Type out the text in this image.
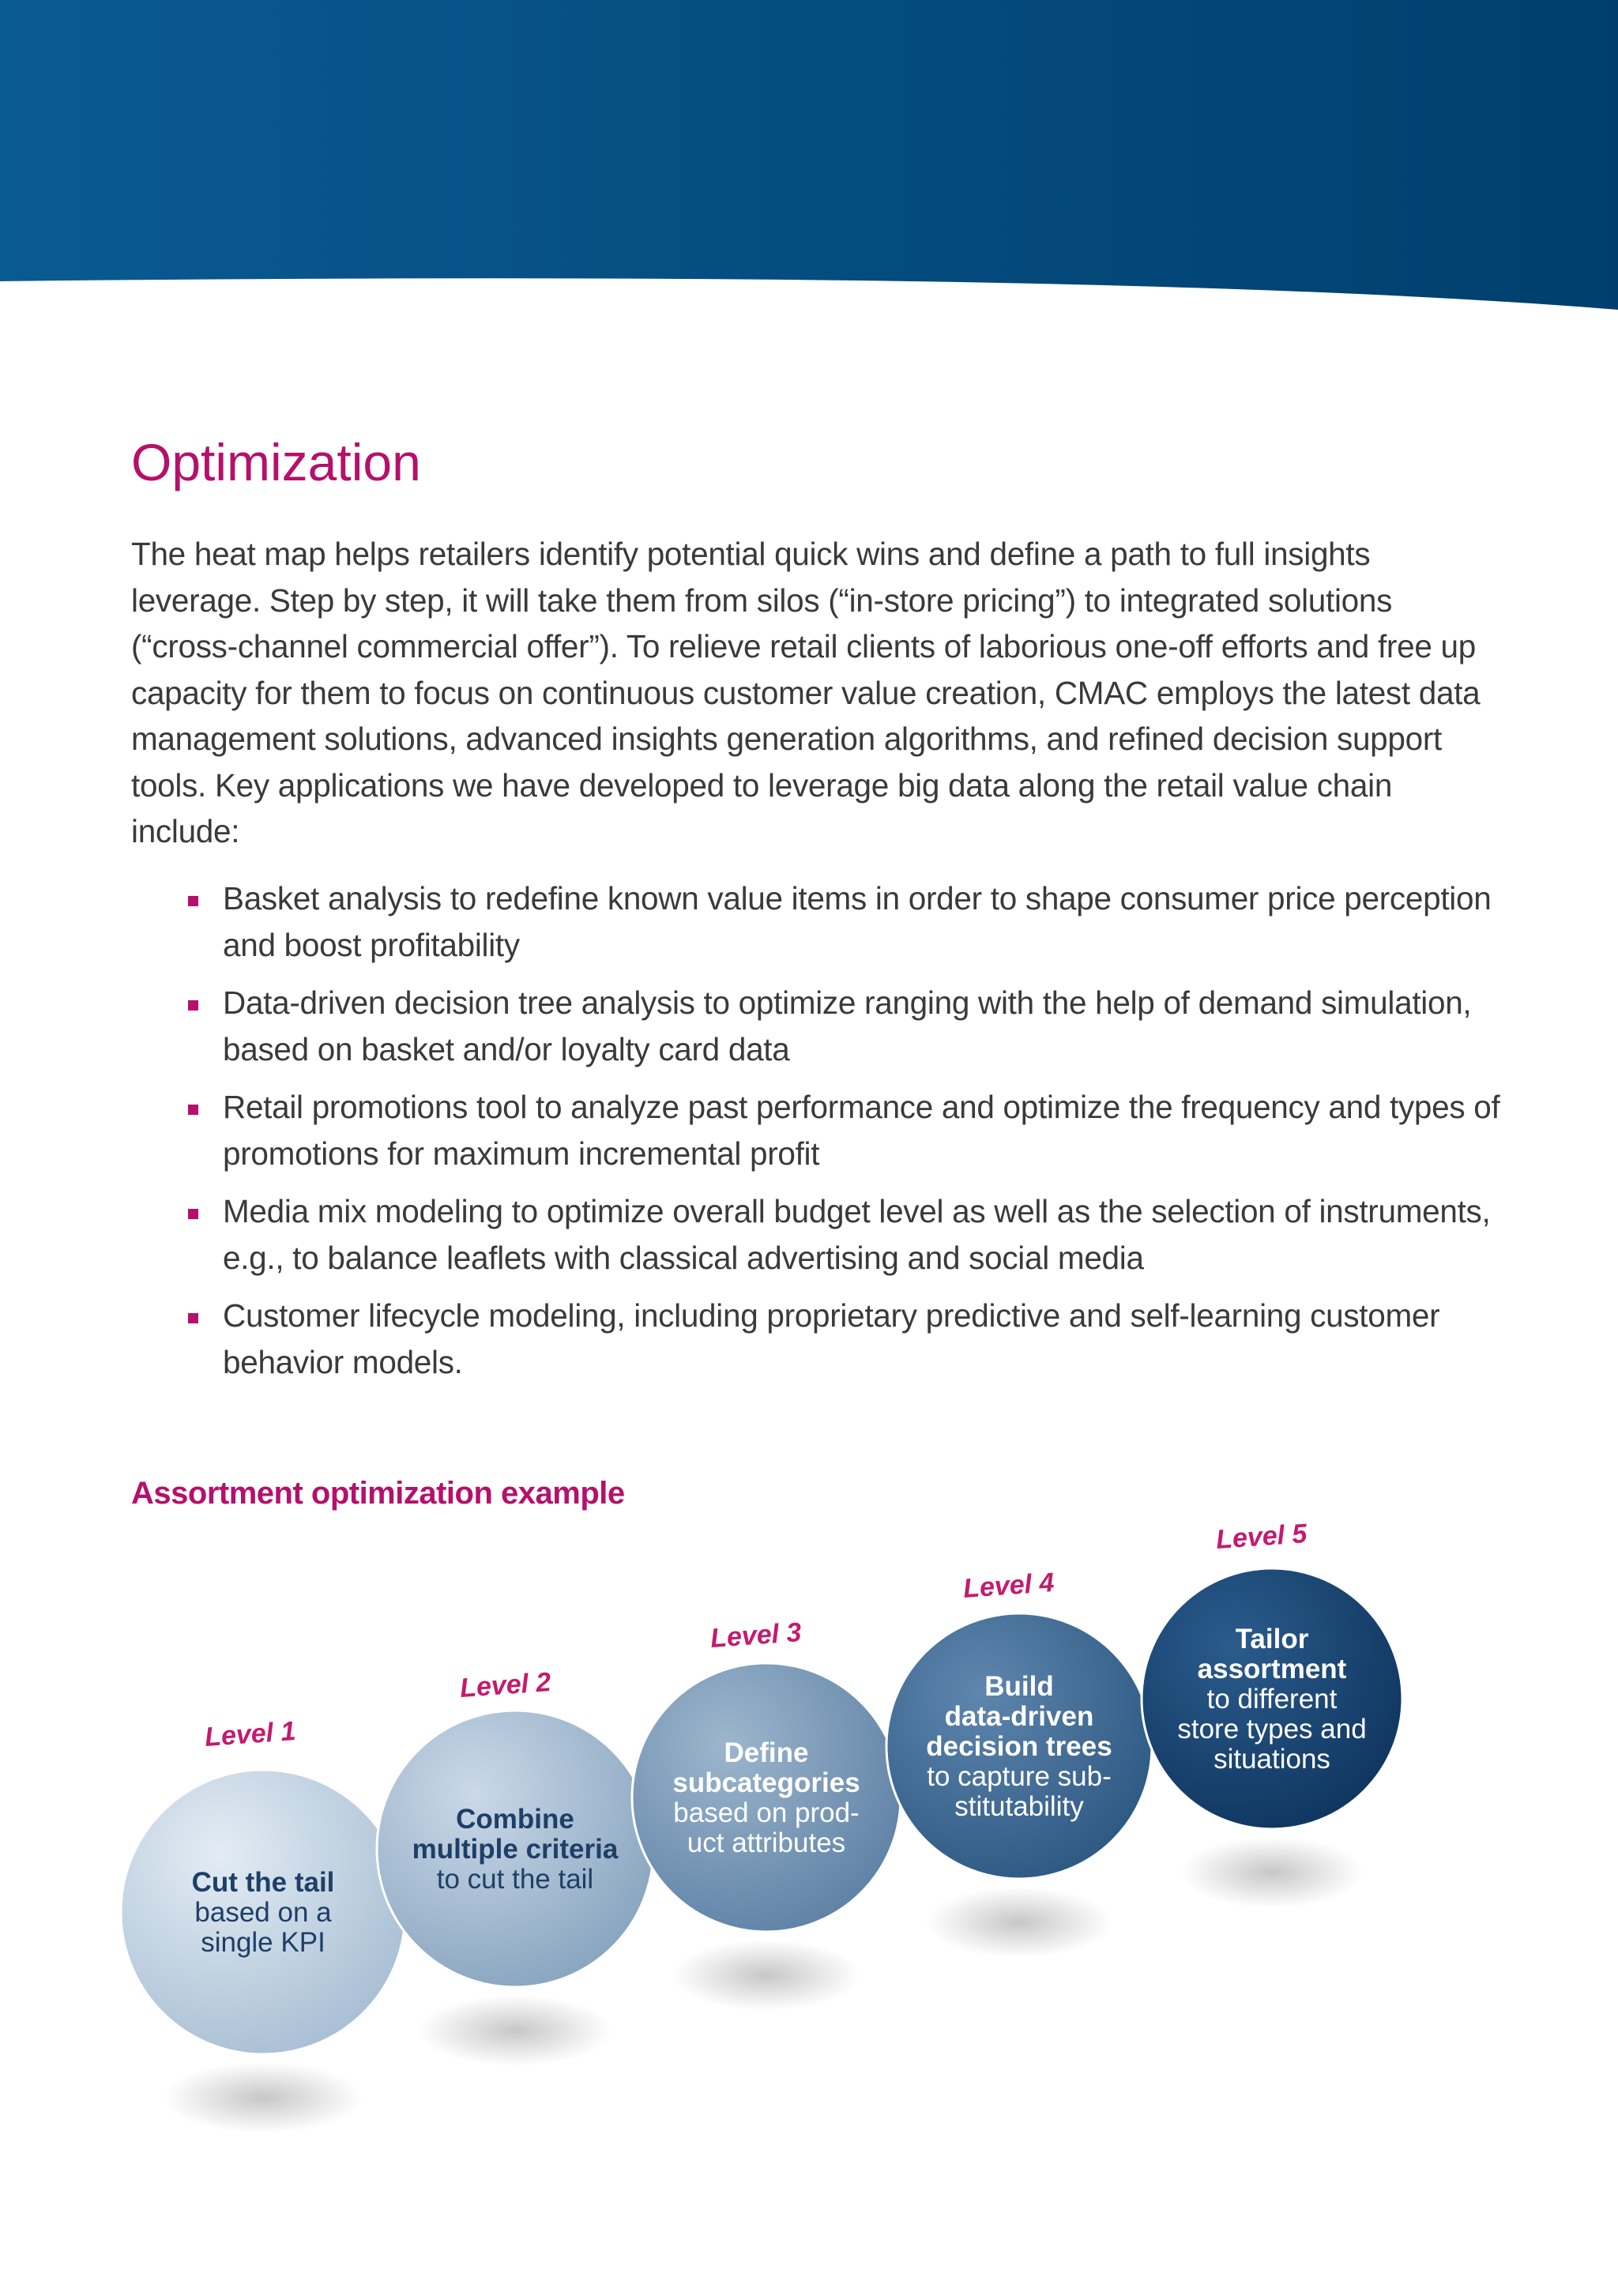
Optimization

The heat map helps retailers identify potential quick wins and define a path to full insights leverage. Step by step, it will take them from silos (“in-store pricing”) to integrated solutions (“cross-channel commercial offer”). To relieve retail clients of laborious one-off efforts and free up capacity for them to focus on continuous customer value creation, CMAC employs the latest data management solutions, advanced insights generation algorithms, and refined decision support tools. Key applications we have developed to leverage big data along the retail value chain include:

Basket analysis to redefine known value items in order to shape consumer price perception and boost profitability
Data-driven decision tree analysis to optimize ranging with the help of demand simulation, based on basket and/or loyalty card data
Retail promotions tool to analyze past performance and optimize the frequency and types of promotions for maximum incremental profit
Media mix modeling to optimize overall budget level as well as the selection of instruments, e.g., to balance leaflets with classical advertising and social media
Customer lifecycle modeling, including proprietary predictive and self-learning customer behavior models.
Assortment optimization example
Level 1
Cut the tail
based on a
single KPI
Level 2
Combine
multiple criteria
to cut the tail
Level 3
Define
subcategories
based on prod-
uct attributes
Level 4
Build
data-driven
decision trees
to capture sub-
stitutability
Level 5
Tailor
assortment
to different
store types and
situations
